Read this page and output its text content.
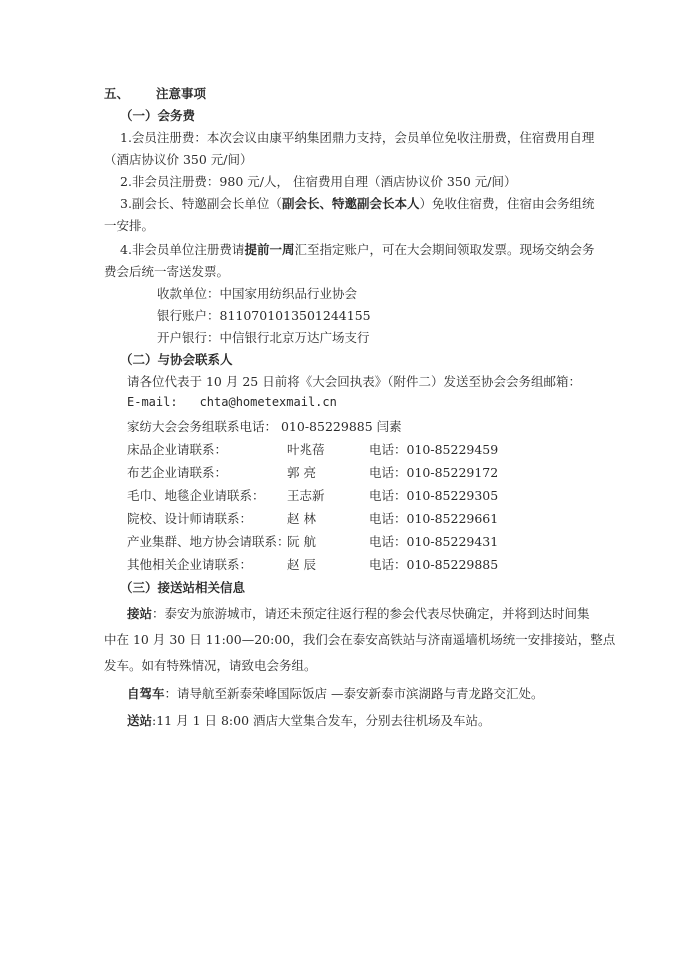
五、 注意事项
（一）会务费
1.会员注册费：本次会议由康平纳集团鼎力支持，会员单位免收注册费，住宿费用自理
（酒店协议价 350 元/间）
2.非会员注册费：980 元/人， 住宿费用自理（酒店协议价 350 元/间）
3.副会长、特邀副会长单位（副会长、特邀副会长本人）免收住宿费，住宿由会务组统
一安排。
4.非会员单位注册费请提前一周汇至指定账户，可在大会期间领取发票。现场交纳会务
费会后统一寄送发票。
收款单位：中国家用纺织品行业协会
银行账户：8110701013501244155
开户银行：中信银行北京万达广场支行
（二）与协会联系人
请各位代表于 10 月 25 日前将《大会回执表》（附件二）发送至协会会务组邮箱：
E-mail: chta@hometexmail.cn
家纺大会会务组联系电话： 010-85229885 闫素
床品企业请联系：	叶兆蓓	电话：010-85229459
布艺企业请联系：	郭 亮	电话：010-85229172
毛巾、地毯企业请联系： 王志新	电话：010-85229305
院校、设计师请联系：	赵 林	电话：010-85229661
产业集群、地方协会请联系：阮 航	电话：010-85229431
其他相关企业请联系：	赵 辰	电话：010-85229885
（三）接送站相关信息
接站：泰安为旅游城市，请还未预定往返行程的参会代表尽快确定，并将到达时间集
中在 10 月 30 日 11:00—20:00，我们会在泰安高铁站与济南遥墙机场统一安排接站，整点
发车。如有特殊情况，请致电会务组。
自驾车：请导航至新泰荣峰国际饭店 —泰安新泰市滨湖路与青龙路交汇处。
送站:11 月 1 日 8:00 酒店大堂集合发车，分别去往机场及车站。
